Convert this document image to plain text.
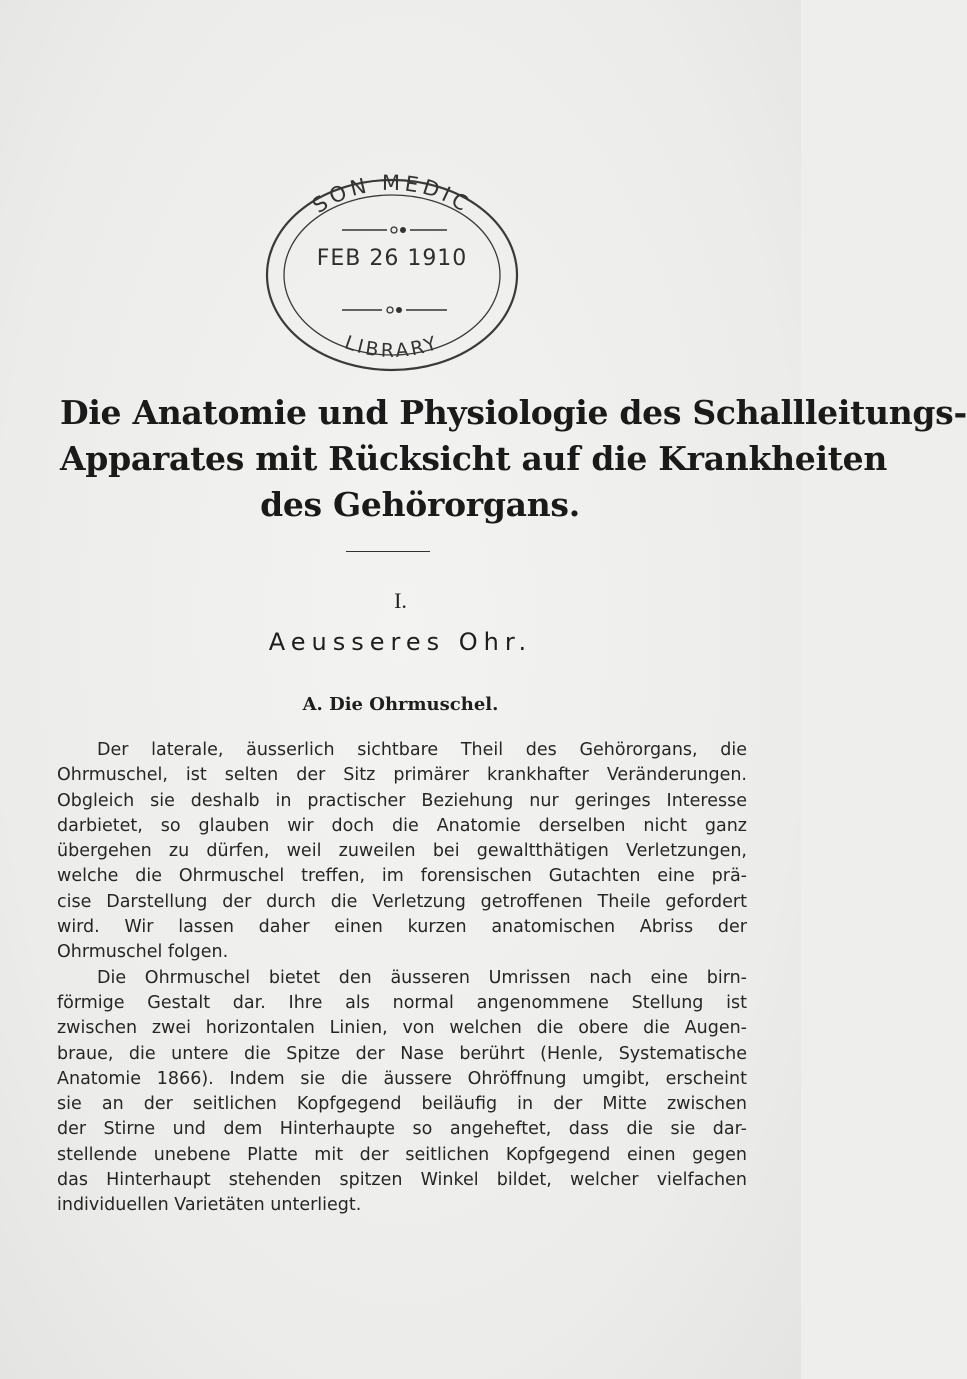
SON MEDIC
LIBRARY
FEB 26 1910
Die Anatomie und Physiologie des Schallleitungs-
Apparates mit Rücksicht auf die Krankheiten
des Gehörorgans.
I.
Aeusseres Ohr.
A. Die Ohrmuschel.
Der laterale, äusserlich sichtbare Theil des Gehörorgans, die
Ohrmuschel, ist selten der Sitz primärer krankhafter Veränderungen.
Obgleich sie deshalb in practischer Beziehung nur geringes Interesse
darbietet, so glauben wir doch die Anatomie derselben nicht ganz
übergehen zu dürfen, weil zuweilen bei gewaltthätigen Verletzungen,
welche die Ohrmuschel treffen, im forensischen Gutachten eine prä-
cise Darstellung der durch die Verletzung getroffenen Theile gefordert
wird. Wir lassen daher einen kurzen anatomischen Abriss der
Ohrmuschel folgen.
Die Ohrmuschel bietet den äusseren Umrissen nach eine birn-
förmige Gestalt dar. Ihre als normal angenommene Stellung ist
zwischen zwei horizontalen Linien, von welchen die obere die Augen-
braue, die untere die Spitze der Nase berührt (Henle, Systematische
Anatomie 1866). Indem sie die äussere Ohröffnung umgibt, erscheint
sie an der seitlichen Kopfgegend beiläufig in der Mitte zwischen
der Stirne und dem Hinterhaupte so angeheftet, dass die sie dar-
stellende unebene Platte mit der seitlichen Kopfgegend einen gegen
das Hinterhaupt stehenden spitzen Winkel bildet, welcher vielfachen
individuellen Varietäten unterliegt.
